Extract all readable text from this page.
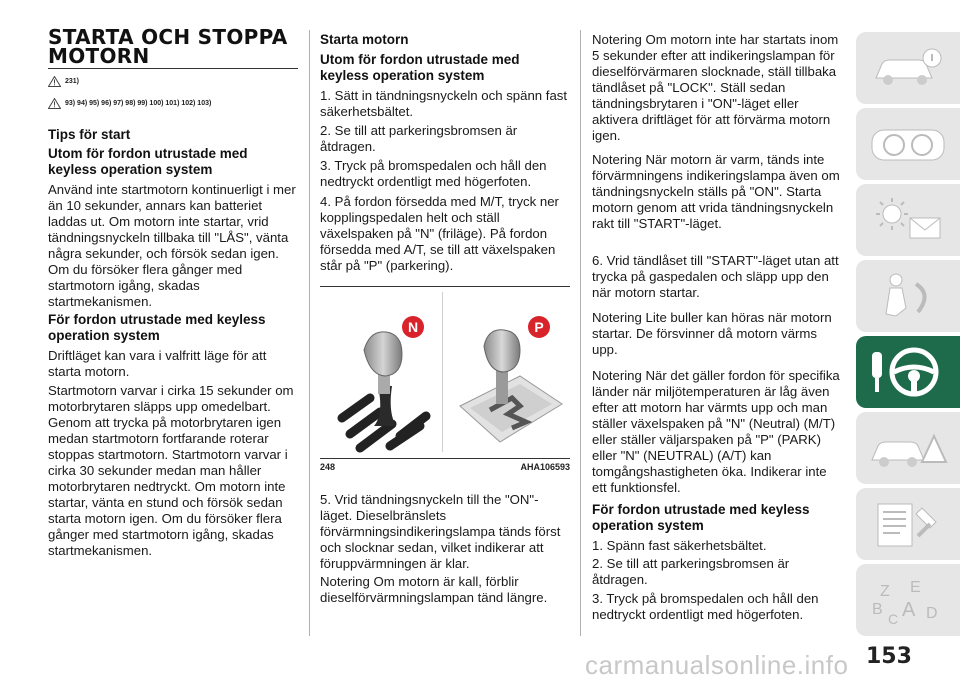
STARTA OCH STOPPA MOTORN
231)
93) 94) 95) 96) 97) 98) 99) 100) 101) 102) 103)
Tips för start
Utom för fordon utrustade med keyless operation system

Använd inte startmotorn kontinuerligt i mer än 10 sekunder, annars kan batteriet laddas ut. Om motorn inte startar, vrid tändningsnyckeln tillbaka till "LÅS", vänta några sekunder, och försök sedan igen. Om du försöker flera gånger med startmotorn igång, skadas startmekanismen.

För fordon utrustade med keyless operation system

Driftläget kan vara i valfritt läge för att starta motorn.

Startmotorn varvar i cirka 15 sekunder om motorbrytaren släpps upp omedelbart. Genom att trycka på motorbrytaren igen medan startmotorn fortfarande roterar stoppas startmotorn. Startmotorn varvar i cirka 30 sekunder medan man håller motorbrytaren nedtryckt. Om motorn inte startar, vänta en stund och försök sedan starta motorn igen. Om du försöker flera gånger med startmotorn igång, skadas startmekanismen.

Starta motorn
Utom för fordon utrustade med keyless operation system

1. Sätt in tändningsnyckeln och spänn fast säkerhetsbältet.

2. Se till att parkeringsbromsen är åtdragen.

3. Tryck på bromspedalen och håll den nedtryckt ordentligt med högerfoten.

4. På fordon försedda med M/T, tryck ner kopplingspedalen helt och ställ växelspaken på "N" (friläge). På fordon försedda med A/T, se till att växelspaken står på "P" (parkering).

N	P
248	AHA106593

5. Vrid tändningsnyckeln till the "ON"-läget. Dieselbränslets förvärmningsindikeringslampa tänds först och slocknar sedan, vilket indikerar att föruppvärmningen är klar.

Notering Om motorn är kall, förblir dieselförvärmningslampan tänd längre.

Notering Om motorn inte har startats inom 5 sekunder efter att indikeringslampan för dieselförvärmaren slocknade, ställ tillbaka tändlåset på "LOCK". Ställ sedan tändningsbrytaren i "ON"-läget eller aktivera driftläget för att förvärma motorn igen.

Notering När motorn är varm, tänds inte förvärmningens indikeringslampa även om tändningsnyckeln ställs på "ON". Starta motorn genom att vrida tändningsnyckeln rakt till "START"-läget.

6. Vrid tändlåset till "START"-läget utan att trycka på gaspedalen och släpp upp den när motorn startar.

Notering Lite buller kan höras när motorn startar. De försvinner då motorn värms upp.

Notering När det gäller fordon för specifika länder när miljötemperaturen är låg även efter att motorn har värmts upp och man ställer växelspaken på "N" (Neutral) (M/T) eller ställer väljarspaken på "P" (PARK) eller "N" (NEUTRAL) (A/T) kan tomgångshastigheten öka. Indikerar inte ett funktionsfel.

För fordon utrustade med keyless operation system

1. Spänn fast säkerhetsbältet.

2. Se till att parkeringsbromsen är åtdragen.

3. Tryck på bromspedalen och håll den nedtryckt ordentligt med högerfoten.

Z E
B A D
C
153
carmanualsonline.info
